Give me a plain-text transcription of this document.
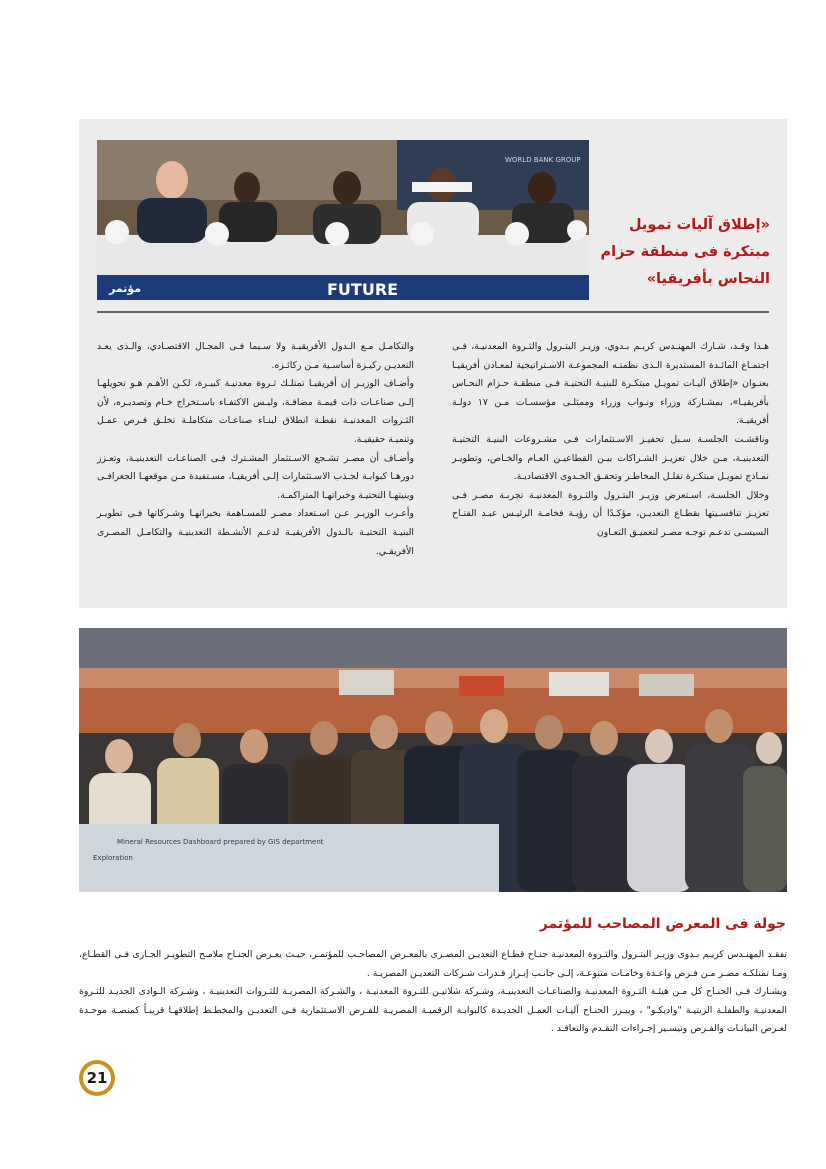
FUTURE
مؤتمر
WORLD BANK GROUP
«إطلاق آليات تمويل مبتكرة فى منطقة حزام النحاس بأفريقيا»

هـذا وقـد، شـارك المهنـدس كريـم بـدوي، وزيـر البتـرول والثـروة المعدنيـة، فـى اجتمـاع المائـدة المستديرة الـذى نظمتـه المجموعـة الاسـتراتيجية لمعـادن أفريقيـا بعنـوان «إطلاق آليـات تمويـل مبتكـرة للبنيـة التحتيـة فـى منطقـة حـزام النحـاس بأفريقيـا»، بمشـاركة وزراء ونـواب وزراء وممثلـى مؤسسـات مـن ١٧ دولـة أفريقيـة.

وناقشـت الجلسـة سـبل تحفيـز الاسـتثمارات فـى مشـروعات البنيـة التحتيـة التعدينيـة، مـن خلال تعزيـز الشـراكات بيـن القطاعيـن العـام والخـاص، وتطويـر نمـاذج تمويـل مبتكـرة تقلـل المخاطـر وتحقـق الجـدوى الاقتصاديـة.

وخلال الجلسـة، اسـتعرض وزيـر البتـرول والثـروة المعدنيـة تجربـة مصـر فـى تعزيـز تنافسـيتها بقطـاع التعديـن، مؤكـدًا أن رؤيـة فخامـة الرئيـس عبـد الفتـاح السيسـى تدعـم توجـه مصـر لتعميـق التعـاون

والتكامـل مـع الـدول الأفريقيـة ولا سـيما فـى المجـال الاقتصـادي، والـذى يعـد التعديـن ركيـزة أساسـية مـن ركائـزه.

وأضـاف الوزيـر إن أفريقيـا تمتلـك ثـروة معدنيـة كبيـرة، لكـن الأهـم هـو تحويلهـا إلـى صناعـات ذات قيمـة مضافـة، وليـس الاكتفـاء باسـتخراج خـام وتصديـره، لأن الثـروات المعدنيـة نقطـة انطلاق لبنـاء صناعـات متكاملـة تخلـق فـرص عمـل وتنميـة حقيقيـة.

وأضـاف أن مصـر تشـجع الاسـتثمار المشـترك فـى الصناعـات التعدينيـة، وتعـزز دورهـا كبوابـة لجـذب الاسـتثمارات إلـى أفريقيـا، مسـتفيدة مـن موقعهـا الجغرافـى وبنيتهـا التحتيـة وخبراتهـا المتراكمـة.

وأعـرب الوزيـر عـن اسـتعداد مصـر للمسـاهمة بخبراتهـا وشـركاتها فـى تطويـر البنيـة التحتيـة بالـدول الأفريقيـة لدعـم الأنشـطة التعدينيـة والتكامـل المصـرى الأفريقـي.

Mineral Resources Dashboard prepared by GIS department
Exploration
جولة فى المعرض المصاحب للمؤتمر

تفقـد المهنـدس كريـم بـدوى وزيـر البتـرول والثـروة المعدنيـة جنـاح قطـاع التعديـن المصـرى بالمعـرض المصاحـب للمؤتمـر، حيـث يعـرض الجنـاح ملامـح التطويـر الجـارى فـى القطـاع، ومـا تمتلكـه مصـر مـن فـرص واعـدة وخامـات متنوعـة، إلـى جانـب إبـراز قـدرات شـركات التعديـن المصريـة .

ويشـارك فـى الجنـاح كل مـن هيئـة الثـروة المعدنيـة والصناعـات التعدينيـة، وشـركة شلاتيـن للثـروة المعدنيـة ، والشـركة المصريـة للثـروات التعدينيـة ، وشـركة الـوادى الجديـد للثـروة المعدنيـة والطفلـة الزيتيـة "واديكـو" ، ويبـرز الجنـاح آليـات العمـل الجديـدة كالبوابـة الرقميـة المصريـة للفـرص الاسـتثمارية فـى التعديـن والمخطـط إطلاقهـا قريبـاً كمنصـة موحـدة لعـرض البيانـات والفـرص وتيسـير إجـراءات التقـدم والتعاقـد .

21
